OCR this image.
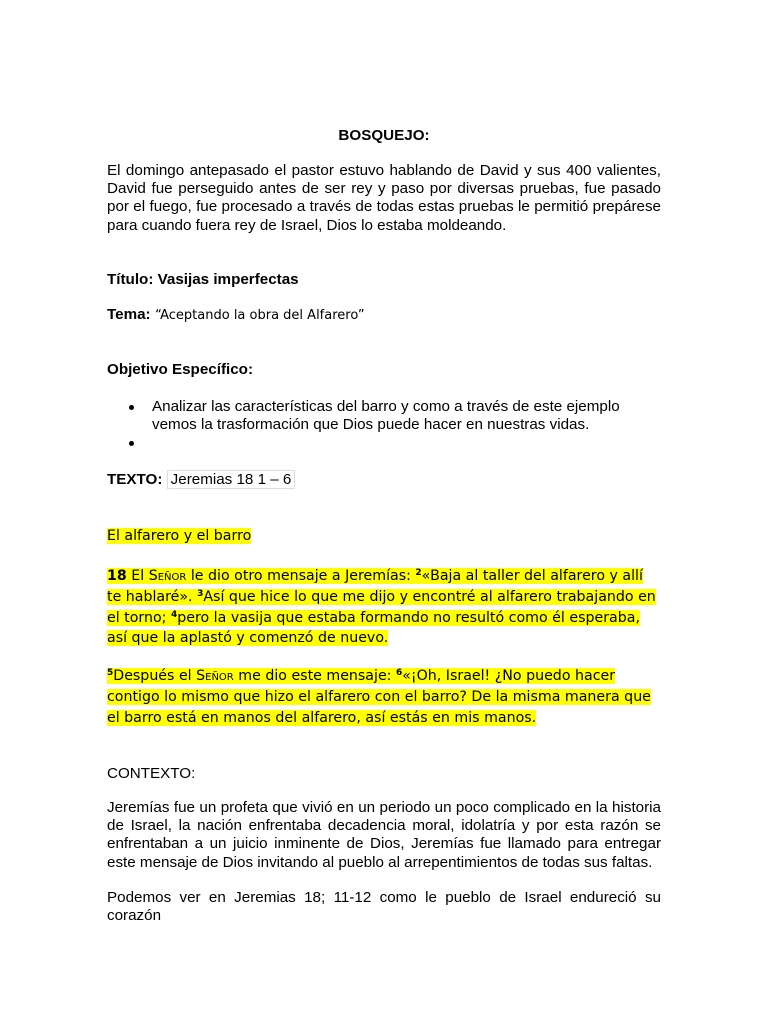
BOSQUEJO:
El domingo antepasado el pastor estuvo hablando de David y sus 400 valientes, David fue perseguido antes de ser rey y paso por diversas pruebas, fue pasado por el fuego, fue procesado a través de todas estas pruebas le permitió prepárese para cuando fuera rey de Israel, Dios lo estaba moldeando.
Título: Vasijas imperfectas
Tema: “Aceptando la obra del Alfarero”
Objetivo Específico:
Analizar las características del barro y como a través de este ejemplo vemos la trasformación que Dios puede hacer en nuestras vidas.
TEXTO: Jeremias 18 1 – 6
El alfarero y el barro
18 El Señor le dio otro mensaje a Jeremías: $^2$«Baja al taller del alfarero y allí te hablaré». $^3$Así que hice lo que me dijo y encontré al alfarero trabajando en el torno; $^4$pero la vasija que estaba formando no resultó como él esperaba, así que la aplastó y comenzó de nuevo.
$^5$Después el Señor me dio este mensaje: $^6$«¡Oh, Israel! ¿No puedo hacer contigo lo mismo que hizo el alfarero con el barro? De la misma manera que el barro está en manos del alfarero, así estás en mis manos.
CONTEXTO:
Jeremías fue un profeta que vivió en un periodo un poco complicado en la historia de Israel, la nación enfrentaba decadencia moral, idolatría y por esta razón se enfrentaban a un juicio inminente de Dios, Jeremías fue llamado para entregar este mensaje de Dios invitando al pueblo al arrepentimientos de todas sus faltas.
Podemos ver en Jeremias 18; 11-12 como le pueblo de Israel endureció su corazón
